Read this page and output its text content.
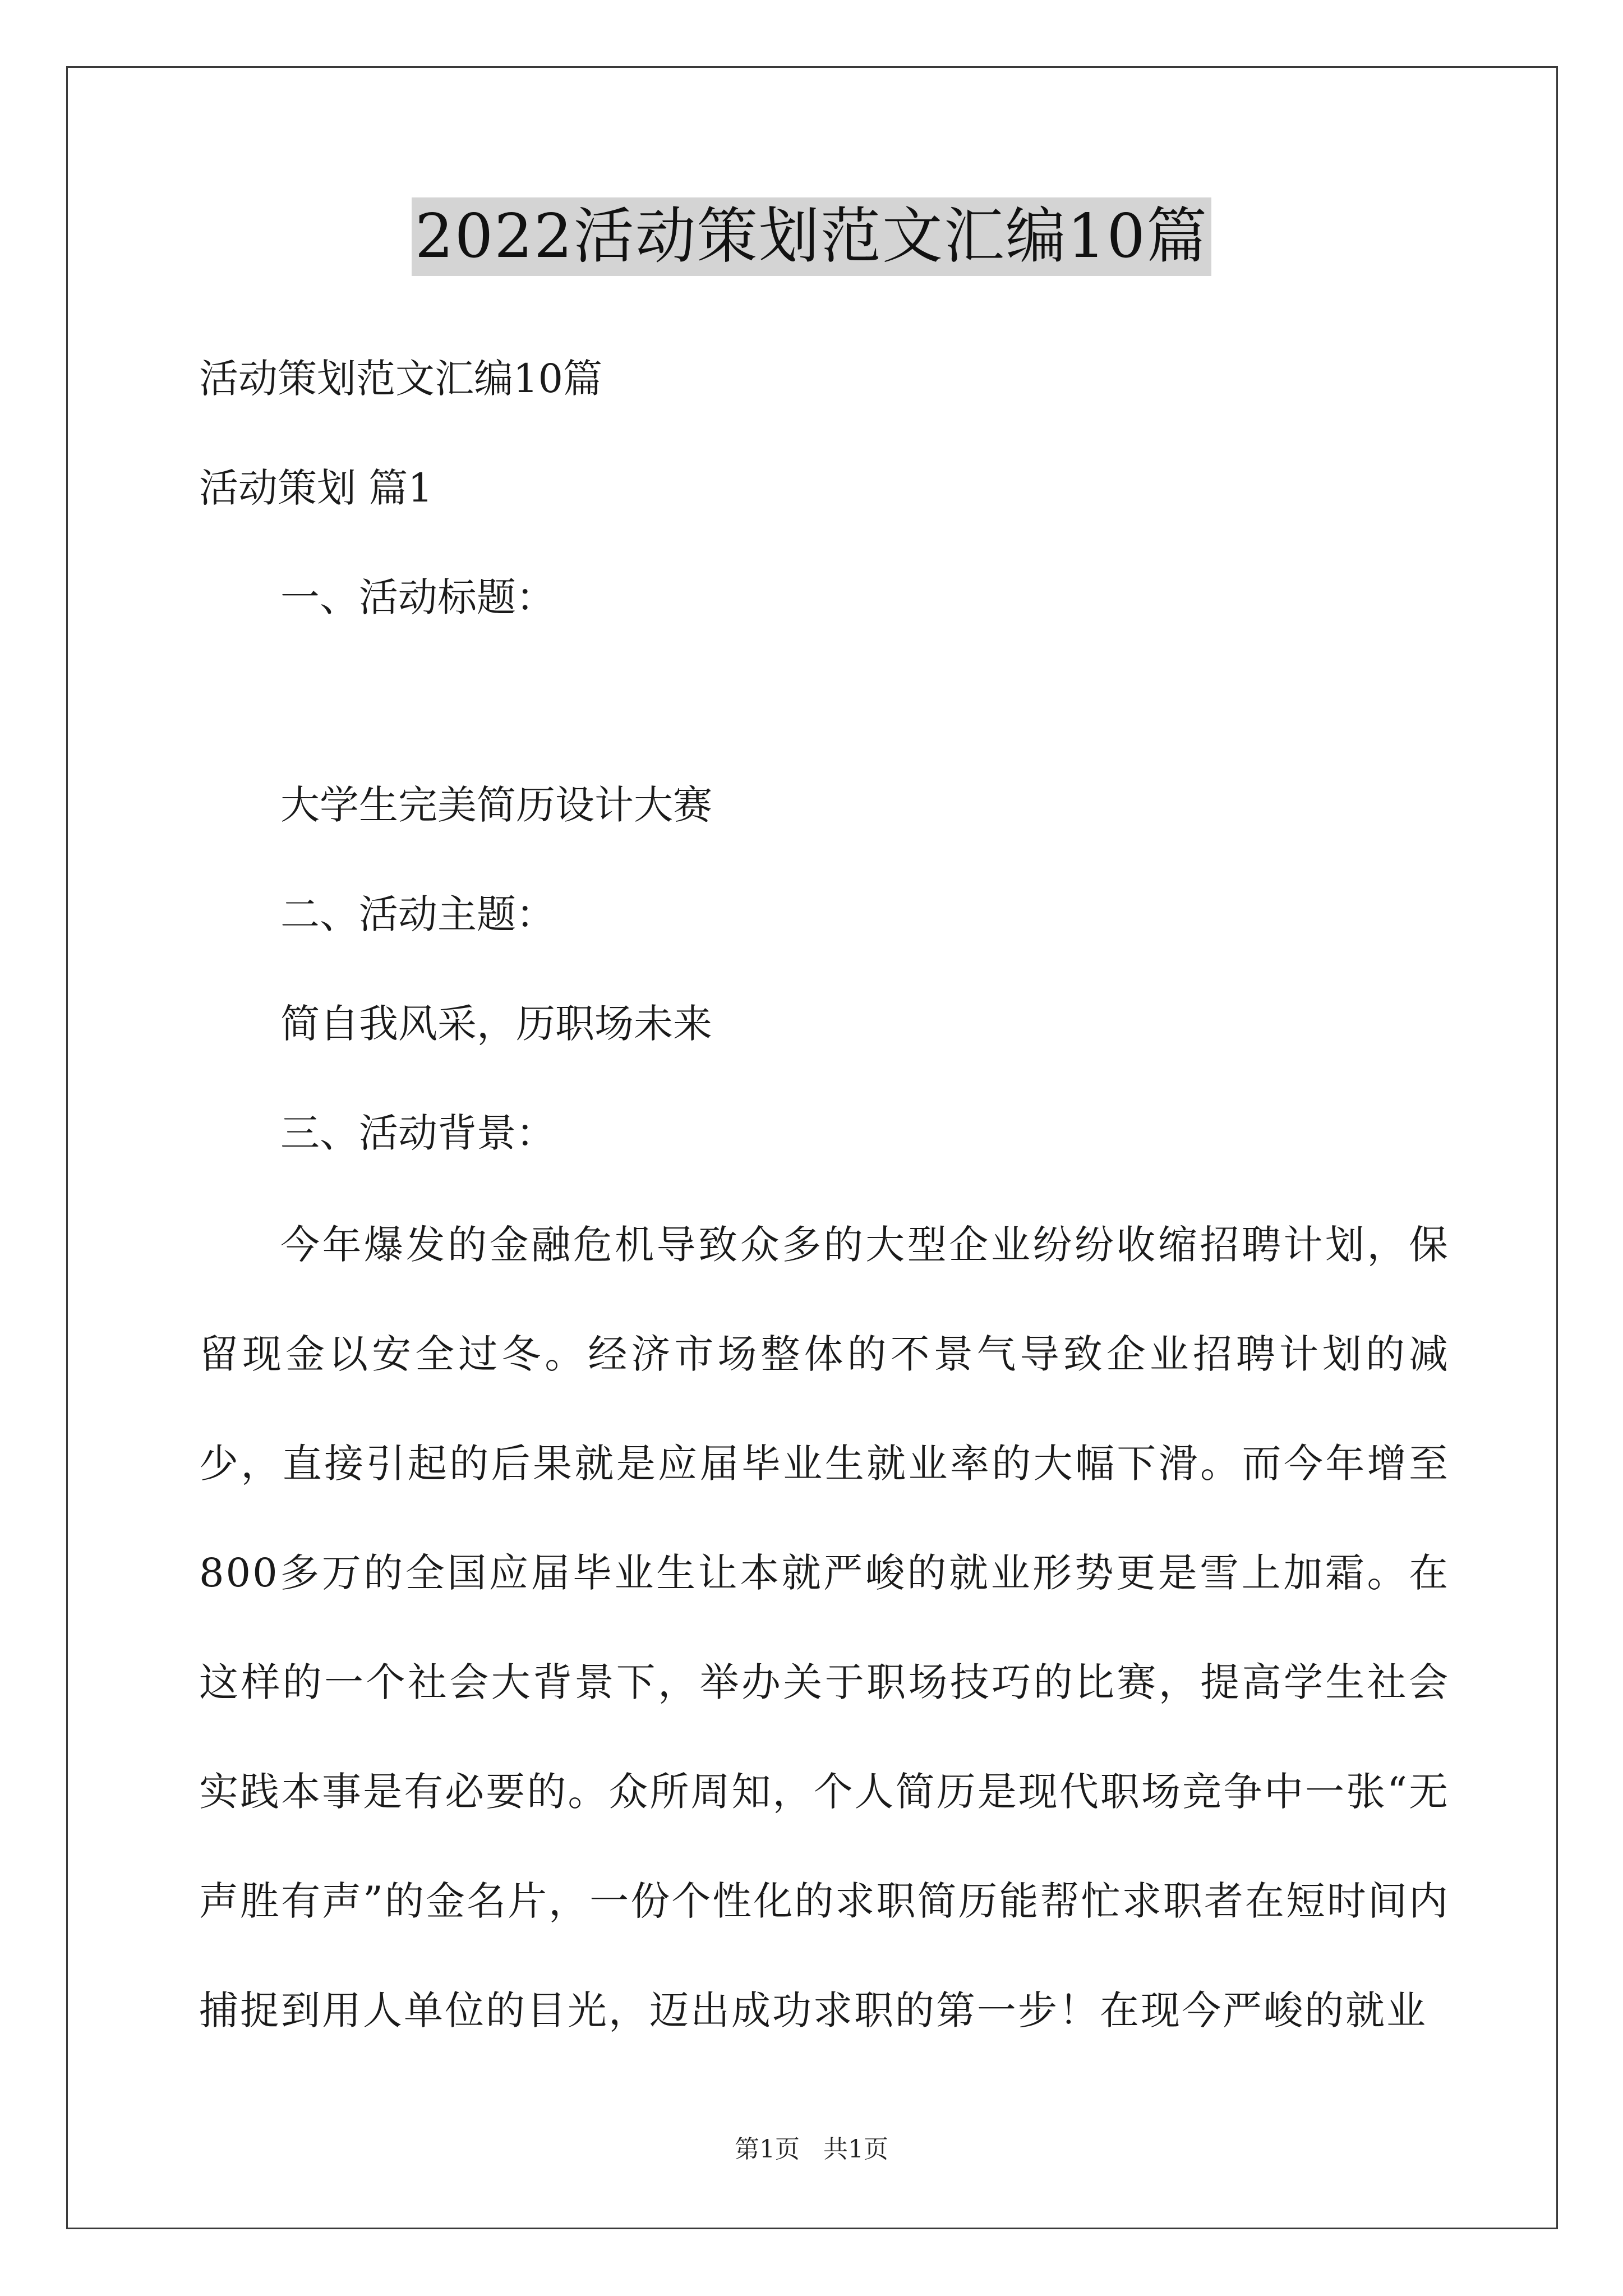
2022活动策划范文汇编10篇
活动策划范文汇编10篇
活动策划 篇1
一、活动标题：
大学生完美简历设计大赛
二、活动主题：
简自我风采，历职场未来
三、活动背景：
今年爆发的金融危机导致众多的大型企业纷纷收缩招聘计划，保留现金以安全过冬。经济市场整体的不景气导致企业招聘计划的减少，直接引起的后果就是应届毕业生就业率的大幅下滑。而今年增至800多万的全国应届毕业生让本就严峻的就业形势更是雪上加霜。在这样的一个社会大背景下，举办关于职场技巧的比赛，提高学生社会实践本事是有必要的。众所周知，个人简历是现代职场竞争中一张“无声胜有声”的金名片，一份个性化的求职简历能帮忙求职者在短时间内捕捉到用人单位的目光，迈出成功求职的第一步！在现今严峻的就业
第1页 共1页
